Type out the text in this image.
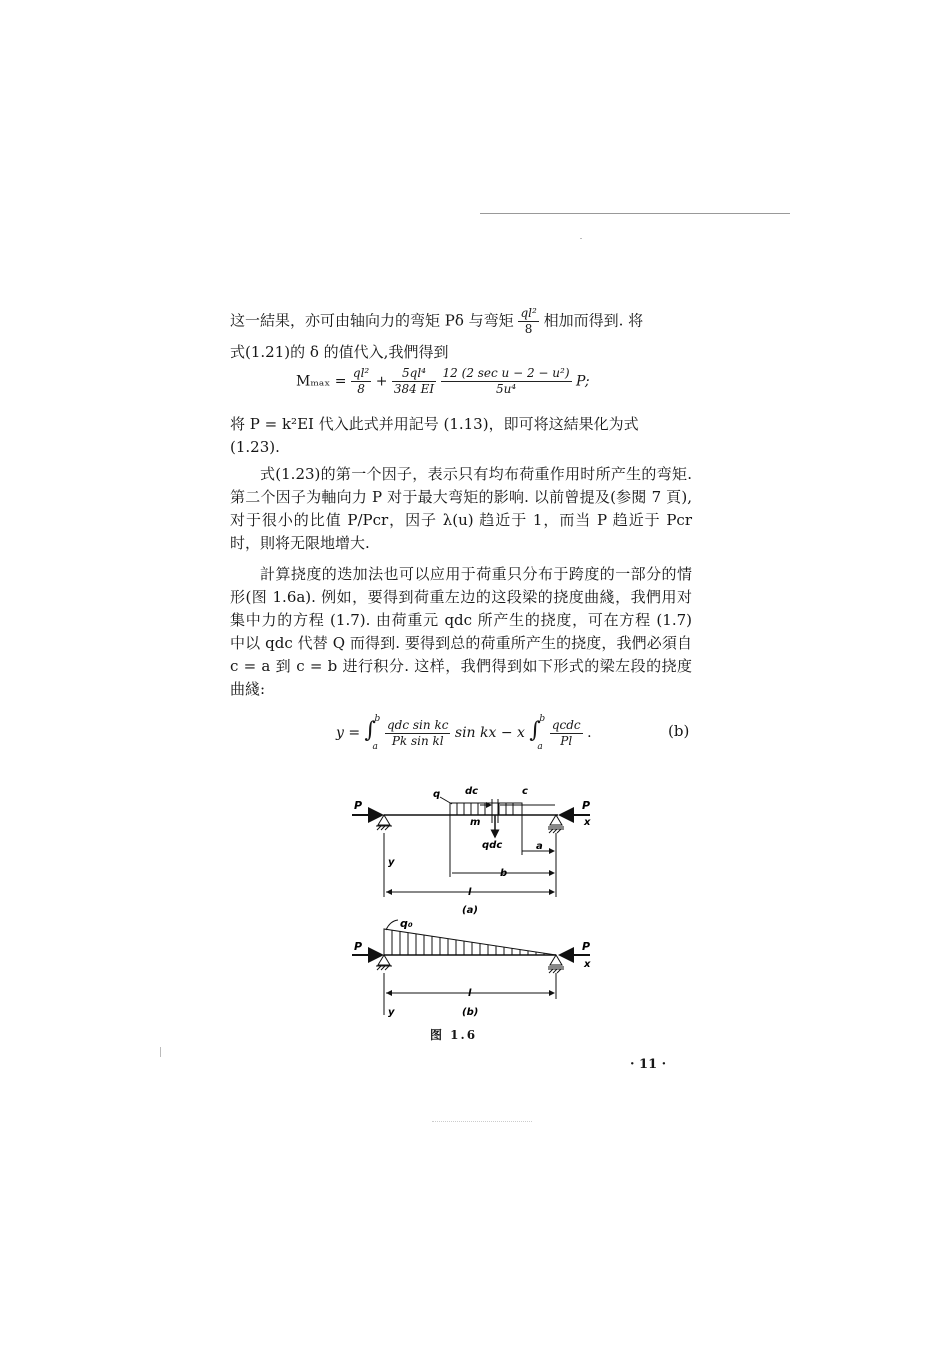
这一結果，亦可由轴向力的弯矩 Pδ 与弯矩 $\frac{\text{ql²}}{8}$ 相加而得到. 将

式(1.21)的 δ 的值代入,我們得到

$M_{max} = \frac{\text{ql²}}{8} + \frac{\text{5ql⁴}}{384 EI}$
$\frac{\text{12 (2 sec u − 2 − u²)}}{\text{5u⁴}} P$;

将 P = k²EI 代入此式并用記号 (1.13)，即可将这結果化为式

(1.23).

式(1.23)的第一个因子，表示只有均布荷重作用时所产生的弯矩. 第二个因子为軸向力 P 对于最大弯矩的影响. 以前曾提及(参閱 7 頁),对于很小的比值 P/Pcr，因子 λ(u) 趋近于 1，而当 P 趋近于 Pcr 时，則将无限地增大.

計算挠度的迭加法也可以应用于荷重只分布于跨度的一部分的情形(图 1.6a). 例如，要得到荷重左边的这段梁的挠度曲綫，我們用对集中力的方程 (1.7). 由荷重元 qdc 所产生的挠度，可在方程 (1.7) 中以 qdc 代替 Q 而得到. 要得到总的荷重所产生的挠度，我們必須自 c = a 到 c = b 进行积分. 这样，我們得到如下形式的梁左段的挠度曲綫:

y = ∫
b
a
$\frac{\text{qdc sin kc}}{\text{Pk sin kl}}$ sin kx − x ∫
b
a
$\frac{\text{qcdc}}{Pl}$ .	(b)
P	P
x
q dc	c
m
qdc	a
b
y
l
(a)
q₀
P	P
x
l
y	(b)
图 1.6
· 11 ·
